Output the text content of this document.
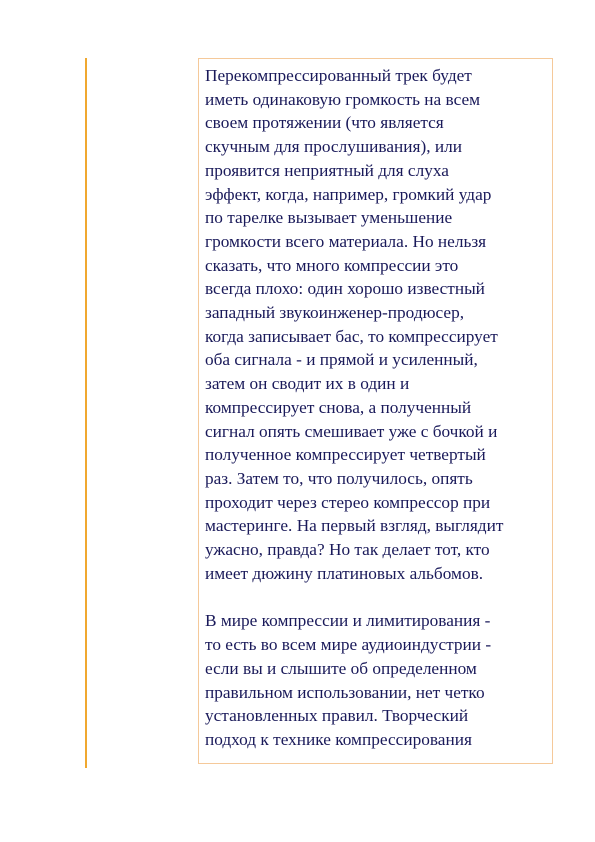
Перекомпрессированный трек будет
иметь одинаковую громкость на всем
своем протяжении (что является
скучным для прослушивания), или
проявится неприятный для слуха
эффект, когда, например, громкий удар
по тарелке вызывает уменьшение
громкости всего материала. Но нельзя
сказать, что много компрессии это
всегда плохо: один хорошо известный
западный звукоинженер-продюсер,
когда записывает бас, то компрессирует
оба сигнала - и прямой и усиленный,
затем он сводит их в один и
компрессирует снова, а полученный
сигнал опять смешивает уже с бочкой и
полученное компрессирует четвертый
раз. Затем то, что получилось, опять
проходит через стерео компрессор при
мастеринге. На первый взгляд, выглядит
ужасно, правда? Но так делает тот, кто
имеет дюжину платиновых альбомов.

В мире компрессии и лимитирования -
то есть во всем мире аудиоиндустрии -
если вы и слышите об определенном
правильном использовании, нет четко
установленных правил. Творческий
подход к технике компрессирования
